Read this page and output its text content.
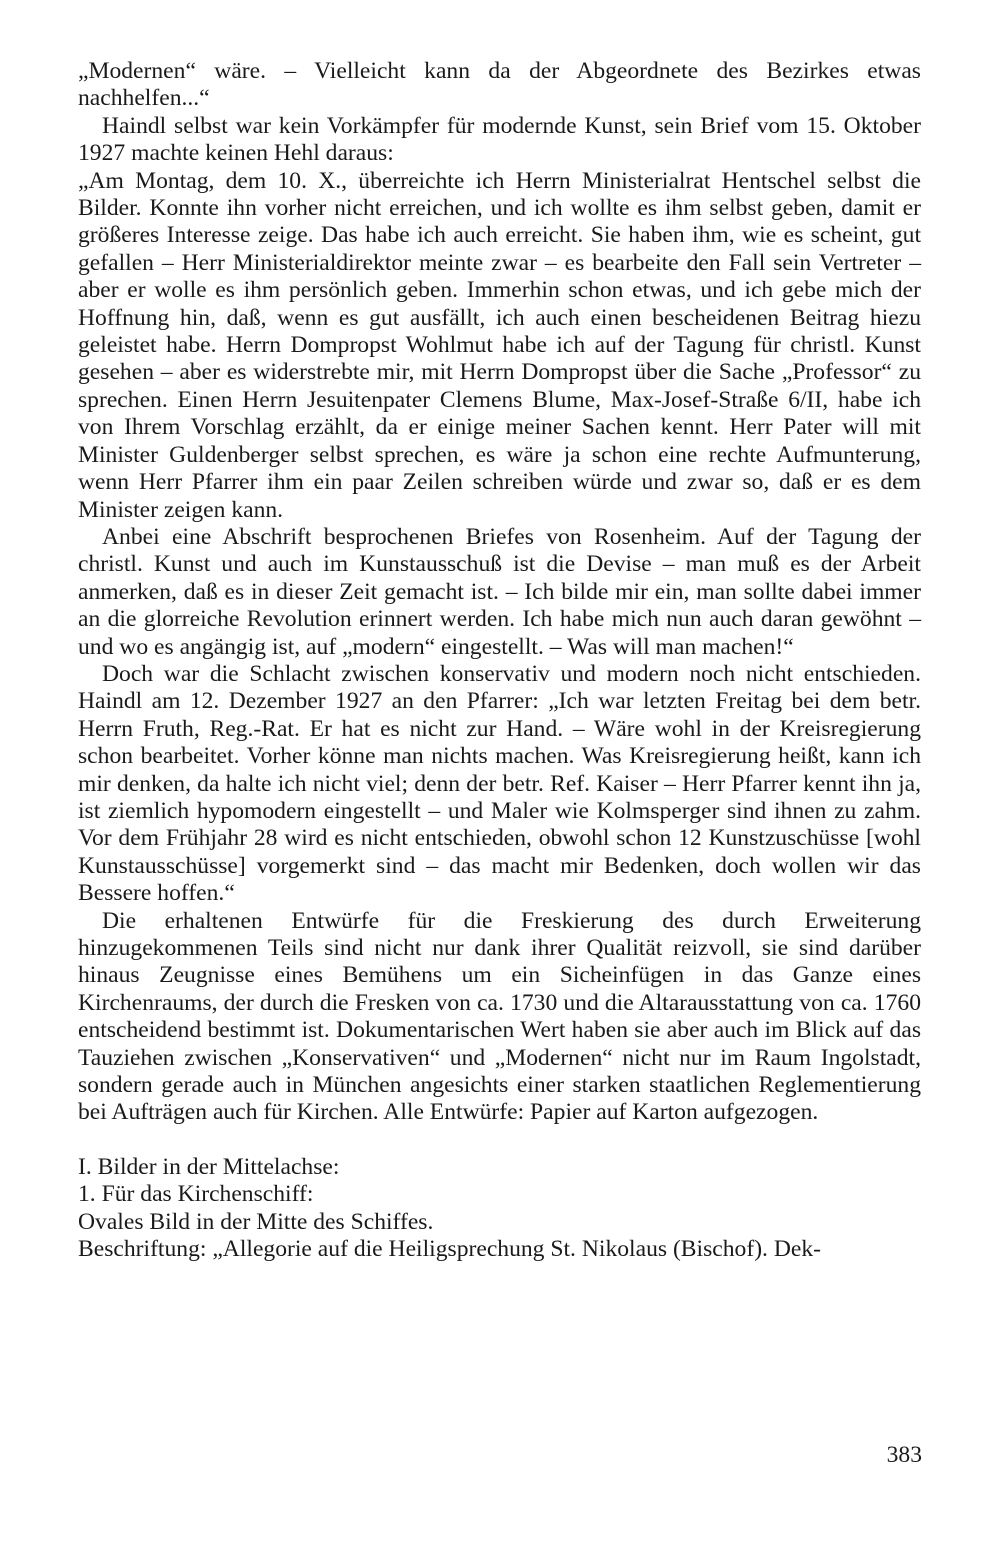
„Modernen“ wäre. – Vielleicht kann da der Abgeordnete des Bezirkes etwas nachhelfen...“

Haindl selbst war kein Vorkämpfer für modernde Kunst, sein Brief vom 15. Oktober 1927 machte keinen Hehl daraus:

„Am Montag, dem 10. X., überreichte ich Herrn Ministerialrat Hentschel selbst die Bilder. Konnte ihn vorher nicht erreichen, und ich wollte es ihm selbst geben, damit er größeres Interesse zeige. Das habe ich auch erreicht. Sie haben ihm, wie es scheint, gut gefallen – Herr Ministerialdirektor meinte zwar – es bearbeite den Fall sein Vertreter – aber er wolle es ihm persönlich geben. Immerhin schon etwas, und ich gebe mich der Hoffnung hin, daß, wenn es gut ausfällt, ich auch einen bescheidenen Beitrag hiezu geleistet habe. Herrn Dompropst Wohlmut habe ich auf der Tagung für christl. Kunst gesehen – aber es widerstrebte mir, mit Herrn Dompropst über die Sache „Professor“ zu sprechen. Einen Herrn Jesuitenpater Clemens Blume, Max-Josef-Straße 6/II, habe ich von Ihrem Vorschlag erzählt, da er einige meiner Sachen kennt. Herr Pater will mit Minister Guldenberger selbst sprechen, es wäre ja schon eine rechte Aufmunterung, wenn Herr Pfarrer ihm ein paar Zeilen schreiben würde und zwar so, daß er es dem Minister zeigen kann.

Anbei eine Abschrift besprochenen Briefes von Rosenheim. Auf der Tagung der christl. Kunst und auch im Kunstausschuß ist die Devise – man muß es der Arbeit anmerken, daß es in dieser Zeit gemacht ist. – Ich bilde mir ein, man sollte dabei immer an die glorreiche Revolution erinnert werden. Ich habe mich nun auch daran gewöhnt – und wo es angängig ist, auf „modern“ eingestellt. – Was will man machen!“

Doch war die Schlacht zwischen konservativ und modern noch nicht entschieden. Haindl am 12. Dezember 1927 an den Pfarrer: „Ich war letzten Freitag bei dem betr. Herrn Fruth, Reg.-Rat. Er hat es nicht zur Hand. – Wäre wohl in der Kreisregierung schon bearbeitet. Vorher könne man nichts machen. Was Kreisregierung heißt, kann ich mir denken, da halte ich nicht viel; denn der betr. Ref. Kaiser – Herr Pfarrer kennt ihn ja, ist ziemlich hypomodern eingestellt – und Maler wie Kolmsperger sind ihnen zu zahm. Vor dem Frühjahr 28 wird es nicht entschieden, obwohl schon 12 Kunstzuschüsse [wohl Kunstausschüsse] vorgemerkt sind – das macht mir Bedenken, doch wollen wir das Bessere hoffen.“

Die erhaltenen Entwürfe für die Freskierung des durch Erweiterung hinzugekommenen Teils sind nicht nur dank ihrer Qualität reizvoll, sie sind darüber hinaus Zeugnisse eines Bemühens um ein Sicheinfügen in das Ganze eines Kirchenraums, der durch die Fresken von ca. 1730 und die Altarausstattung von ca. 1760 entscheidend bestimmt ist. Dokumentarischen Wert haben sie aber auch im Blick auf das Tauziehen zwischen „Konservativen“ und „Modernen“ nicht nur im Raum Ingolstadt, sondern gerade auch in München angesichts einer starken staatlichen Reglementierung bei Aufträgen auch für Kirchen. Alle Entwürfe: Papier auf Karton aufgezogen.

I. Bilder in der Mittelachse:

1. Für das Kirchenschiff:

Ovales Bild in der Mitte des Schiffes.

Beschriftung: „Allegorie auf die Heiligsprechung St. Nikolaus (Bischof). Dek-

383
